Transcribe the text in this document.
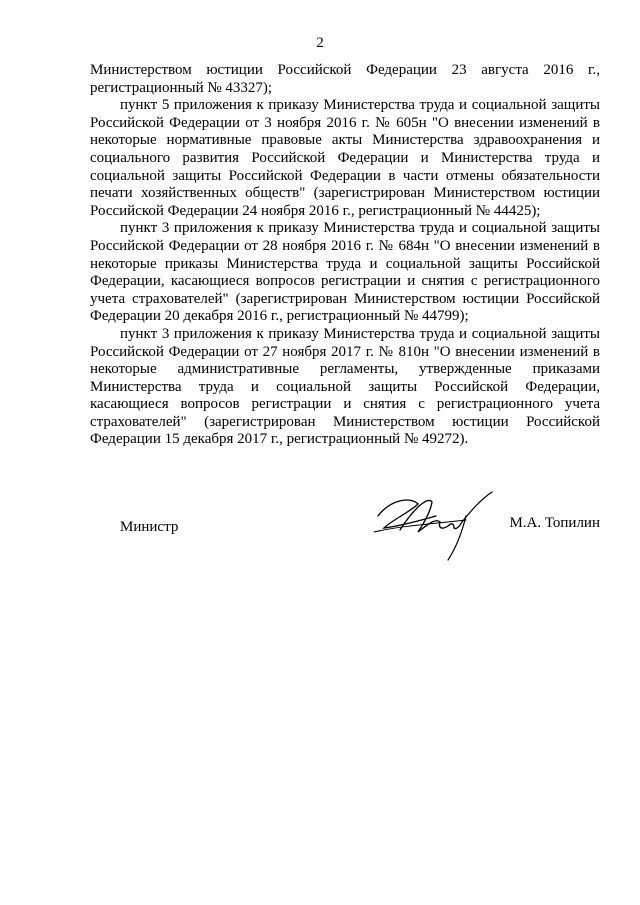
2

Министерством юстиции Российской Федерации 23 августа 2016 г., регистрационный № 43327);

пункт 5 приложения к приказу Министерства труда и социальной защиты Российской Федерации от 3 ноября 2016 г. № 605н "О внесении изменений в некоторые нормативные правовые акты Министерства здравоохранения и социального развития Российской Федерации и Министерства труда и социальной защиты Российской Федерации в части отмены обязательности печати хозяйственных обществ" (зарегистрирован Министерством юстиции Российской Федерации 24 ноября 2016 г., регистрационный № 44425);

пункт 3 приложения к приказу Министерства труда и социальной защиты Российской Федерации от 28 ноября 2016 г. № 684н "О внесении изменений в некоторые приказы Министерства труда и социальной защиты Российской Федерации, касающиеся вопросов регистрации и снятия с регистрационного учета страхователей" (зарегистрирован Министерством юстиции Российской Федерации 20 декабря 2016 г., регистрационный № 44799);

пункт 3 приложения к приказу Министерства труда и социальной защиты Российской Федерации от 27 ноября 2017 г. № 810н "О внесении изменений в некоторые административные регламенты, утвержденные приказами Министерства труда и социальной защиты Российской Федерации, касающиеся вопросов регистрации и снятия с регистрационного учета страхователей" (зарегистрирован Министерством юстиции Российской Федерации 15 декабря 2017 г., регистрационный № 49272).

Министр	М.А. Топилин
